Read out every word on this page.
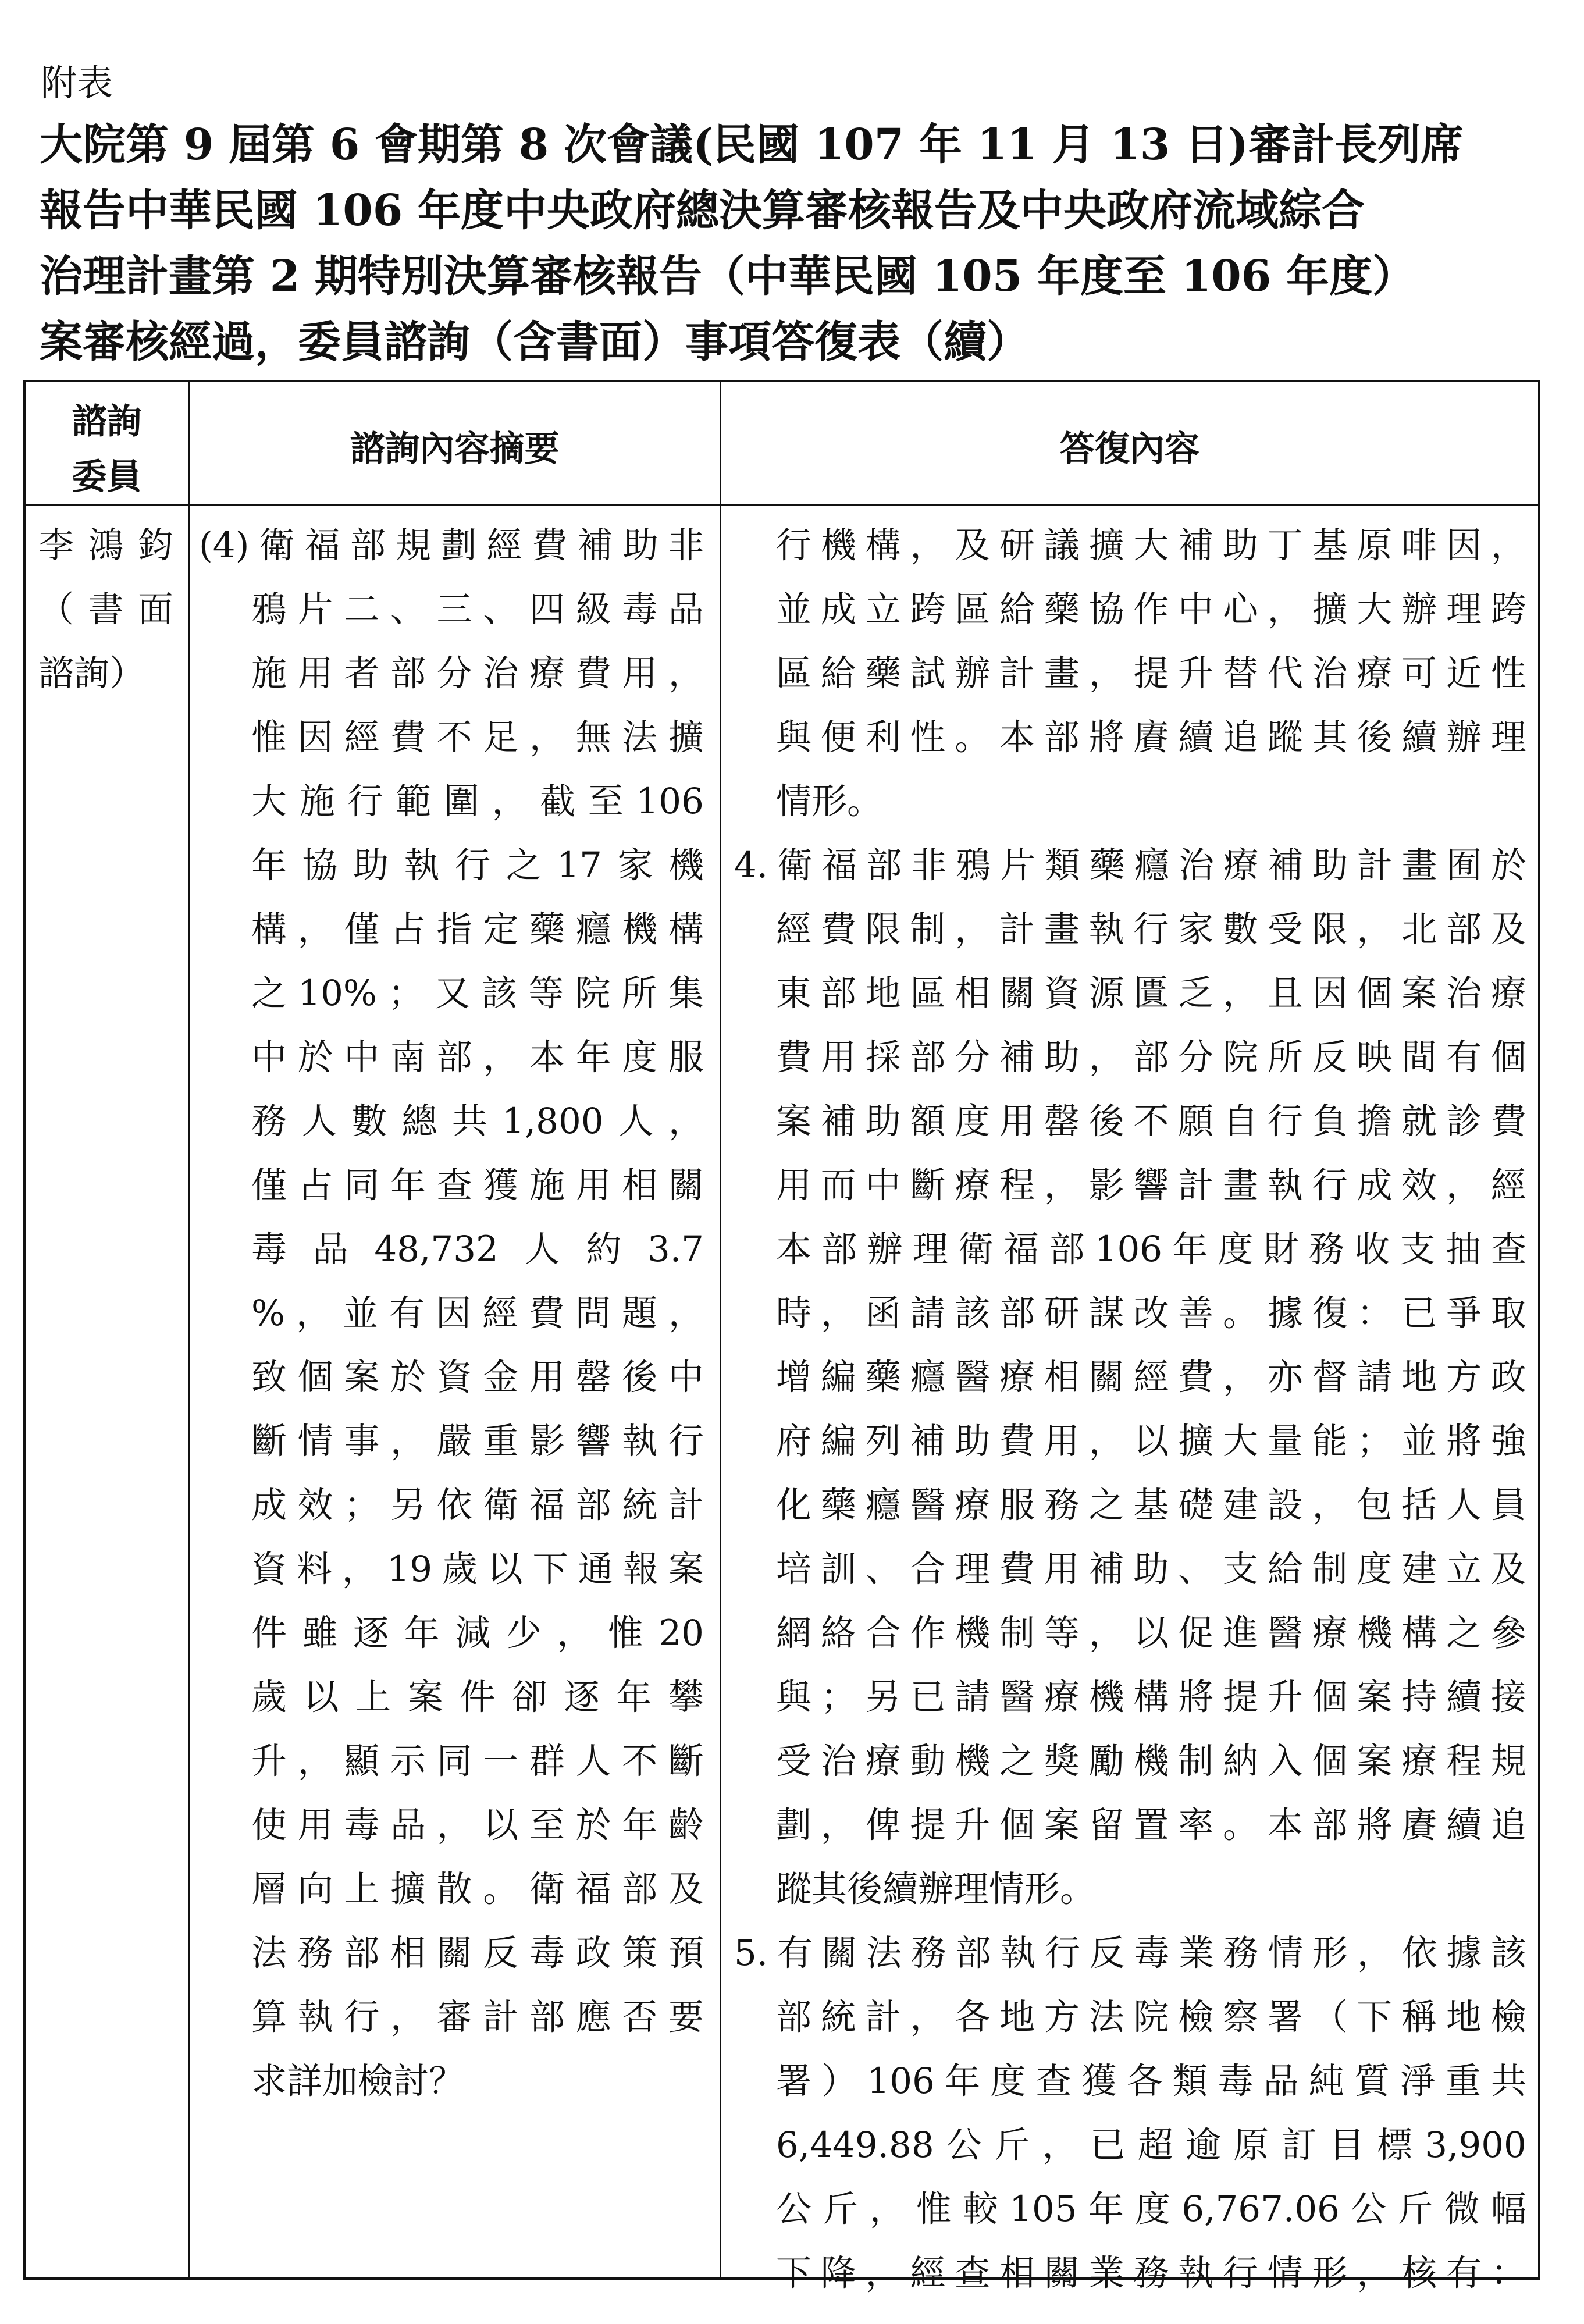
附表
大院第 9 屆第 6 會期第 8 次會議(民國 107 年 11 月 13 日)審計長列席
報告中華民國 106 年度中央政府總決算審核報告及中央政府流域綜合
治理計畫第 2 期特別決算審核報告（中華民國 105 年度至 106 年度）
案審核經過，委員諮詢（含書面）事項答復表（續）
諮詢
委員
諮詢內容摘要	答復內容
李 鴻 鈞
（ 書 面
諮詢）
(4) 衛 福 部 規 劃 經 費 補 助 非
鴉 片 二 、 三 、 四 級 毒 品
施 用 者 部 分 治 療 費 用 ，
惟 因 經 費 不 足 ， 無 法 擴
大 施 行 範 圍 ， 截 至 106
年 協 助 執 行 之 17 家 機
構 ， 僅 占 指 定 藥 癮 機 構
之 10% ； 又 該 等 院 所 集
中 於 中 南 部 ， 本 年 度 服
務 人 數 總 共 1,800 人 ，
僅 占 同 年 查 獲 施 用 相 關
毒 品 48,732 人 約 3.7
% ， 並 有 因 經 費 問 題 ，
致 個 案 於 資 金 用 罄 後 中
斷 情 事 ， 嚴 重 影 響 執 行
成 效 ； 另 依 衛 福 部 統 計
資 料 ， 19 歲 以 下 通 報 案
件 雖 逐 年 減 少 ， 惟 20
歲 以 上 案 件 卻 逐 年 攀
升 ， 顯 示 同 一 群 人 不 斷
使 用 毒 品 ， 以 至 於 年 齡
層 向 上 擴 散 。 衛 福 部 及
法 務 部 相 關 反 毒 政 策 預
算 執 行 ， 審 計 部 應 否 要
求詳加檢討？
行 機 構 ， 及 研 議 擴 大 補 助 丁 基 原 啡 因 ，
並 成 立 跨 區 給 藥 協 作 中 心 ， 擴 大 辦 理 跨
區 給 藥 試 辦 計 畫 ， 提 升 替 代 治 療 可 近 性
與 便 利 性 。 本 部 將 賡 續 追 蹤 其 後 續 辦 理
情形。
4. 衛 福 部 非 鴉 片 類 藥 癮 治 療 補 助 計 畫 囿 於
經 費 限 制 ， 計 畫 執 行 家 數 受 限 ， 北 部 及
東 部 地 區 相 關 資 源 匱 乏 ， 且 因 個 案 治 療
費 用 採 部 分 補 助 ， 部 分 院 所 反 映 間 有 個
案 補 助 額 度 用 罄 後 不 願 自 行 負 擔 就 診 費
用 而 中 斷 療 程 ， 影 響 計 畫 執 行 成 效 ， 經
本 部 辦 理 衛 福 部 106 年 度 財 務 收 支 抽 查
時 ， 函 請 該 部 研 謀 改 善 。 據 復 ： 已 爭 取
增 編 藥 癮 醫 療 相 關 經 費 ， 亦 督 請 地 方 政
府 編 列 補 助 費 用 ， 以 擴 大 量 能 ； 並 將 強
化 藥 癮 醫 療 服 務 之 基 礎 建 設 ， 包 括 人 員
培 訓 、 合 理 費 用 補 助 、 支 給 制 度 建 立 及
網 絡 合 作 機 制 等 ， 以 促 進 醫 療 機 構 之 參
與 ； 另 已 請 醫 療 機 構 將 提 升 個 案 持 續 接
受 治 療 動 機 之 獎 勵 機 制 納 入 個 案 療 程 規
劃 ， 俾 提 升 個 案 留 置 率 。 本 部 將 賡 續 追
蹤其後續辦理情形。
5. 有 關 法 務 部 執 行 反 毒 業 務 情 形 ， 依 據 該
部 統 計 ， 各 地 方 法 院 檢 察 署 （ 下 稱 地 檢
署 ） 106 年 度 查 獲 各 類 毒 品 純 質 淨 重 共
6,449.88 公 斤 ， 已 超 逾 原 訂 目 標 3,900
公 斤 ， 惟 較 105 年 度 6,767.06 公 斤 微 幅
下 降 ， 經 查 相 關 業 務 執 行 情 形 ， 核 有 ：
